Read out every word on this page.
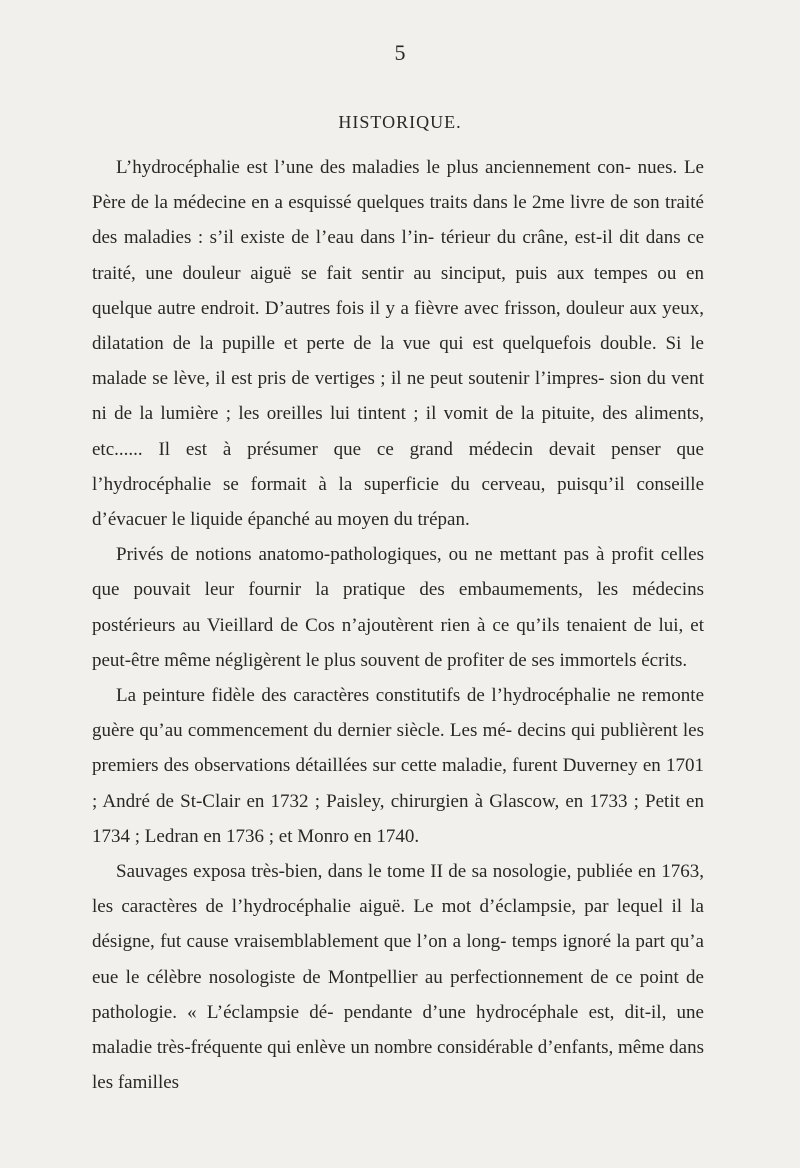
5
HISTORIQUE.

L’hydrocéphalie est l’une des maladies le plus anciennement con- nues. Le Père de la médecine en a esquissé quelques traits dans le 2me livre de son traité des maladies : s’il existe de l’eau dans l’in- térieur du crâne, est-il dit dans ce traité, une douleur aiguë se fait sentir au sinciput, puis aux tempes ou en quelque autre endroit. D’autres fois il y a fièvre avec frisson, douleur aux yeux, dilatation de la pupille et perte de la vue qui est quelquefois double. Si le malade se lève, il est pris de vertiges ; il ne peut soutenir l’impres- sion du vent ni de la lumière ; les oreilles lui tintent ; il vomit de la pituite, des aliments, etc...... Il est à présumer que ce grand médecin devait penser que l’hydrocéphalie se formait à la superficie du cerveau, puisqu’il conseille d’évacuer le liquide épanché au moyen du trépan.

Privés de notions anatomo-pathologiques, ou ne mettant pas à profit celles que pouvait leur fournir la pratique des embaumements, les médecins postérieurs au Vieillard de Cos n’ajoutèrent rien à ce qu’ils tenaient de lui, et peut-être même négligèrent le plus souvent de profiter de ses immortels écrits.

La peinture fidèle des caractères constitutifs de l’hydrocéphalie ne remonte guère qu’au commencement du dernier siècle. Les mé- decins qui publièrent les premiers des observations détaillées sur cette maladie, furent Duverney en 1701 ; André de St-Clair en 1732 ; Paisley, chirurgien à Glascow, en 1733 ; Petit en 1734 ; Ledran en 1736 ; et Monro en 1740.

Sauvages exposa très-bien, dans le tome II de sa nosologie, publiée en 1763, les caractères de l’hydrocéphalie aiguë. Le mot d’éclampsie, par lequel il la désigne, fut cause vraisemblablement que l’on a long- temps ignoré la part qu’a eue le célèbre nosologiste de Montpellier au perfectionnement de ce point de pathologie. « L’éclampsie dé- pendante d’une hydrocéphale est, dit-il, une maladie très-fréquente qui enlève un nombre considérable d’enfants, même dans les familles
